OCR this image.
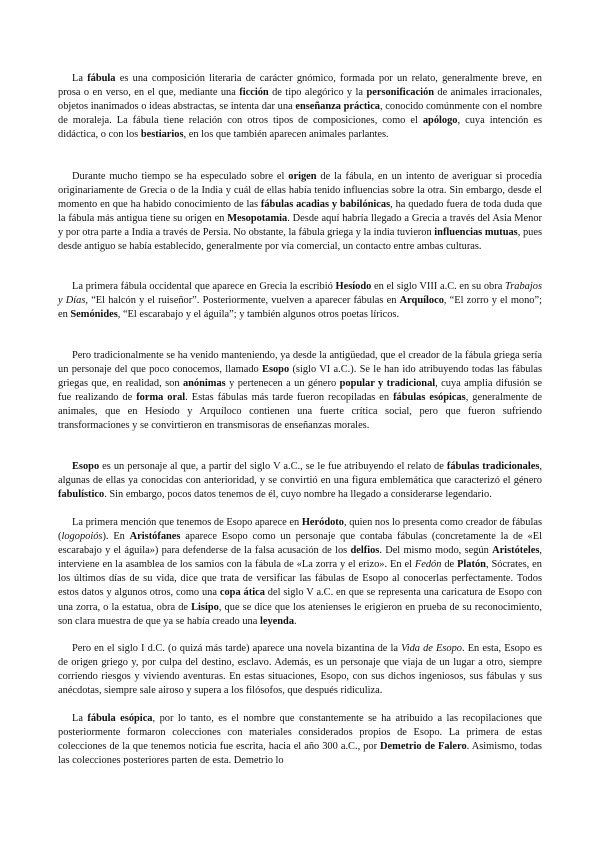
La fábula es una composición literaria de carácter gnómico, formada por un relato, generalmente breve, en prosa o en verso, en el que, mediante una ficción de tipo alegórico y la personificación de animales irracionales, objetos inanimados o ideas abstractas, se intenta dar una enseñanza práctica, conocido comúnmente con el nombre de moraleja. La fábula tiene relación con otros tipos de composiciones, como el apólogo, cuya intención es didáctica, o con los bestiarios, en los que también aparecen animales parlantes.

Durante mucho tiempo se ha especulado sobre el origen de la fábula, en un intento de averiguar si procedía originariamente de Grecia o de la India y cuál de ellas había tenido influencias sobre la otra. Sin embargo, desde el momento en que ha habido conocimiento de las fábulas acadias y babilónicas, ha quedado fuera de toda duda que la fábula más antigua tiene su origen en Mesopotamia. Desde aquí habría llegado a Grecia a través del Asia Menor y por otra parte a India a través de Persia. No obstante, la fábula griega y la india tuvieron influencias mutuas, pues desde antiguo se había establecido, generalmente por vía comercial, un contacto entre ambas culturas.

La primera fábula occidental que aparece en Grecia la escribió Hesíodo en el siglo VIII a.C. en su obra Trabajos y Días, “El halcón y el ruiseñor”. Posteriormente, vuelven a aparecer fábulas en Arquíloco, “El zorro y el mono”; en Semónides, “El escarabajo y el águila”; y también algunos otros poetas líricos.

Pero tradicionalmente se ha venido manteniendo, ya desde la antigüedad, que el creador de la fábula griega sería un personaje del que poco conocemos, llamado Esopo (siglo VI a.C.). Se le han ido atribuyendo todas las fábulas griegas que, en realidad, son anónimas y pertenecen a un género popular y tradicional, cuya amplia difusión se fue realizando de forma oral. Estas fábulas más tarde fueron recopiladas en fábulas esópicas, generalmente de animales, que en Hesíodo y Arquíloco contienen una fuerte crítica social, pero que fueron sufriendo transformaciones y se convirtieron en transmisoras de enseñanzas morales.

Esopo es un personaje al que, a partir del siglo V a.C., se le fue atribuyendo el relato de fábulas tradicionales, algunas de ellas ya conocidas con anterioridad, y se convirtió en una figura emblemática que caracterizó el género fabulístico. Sin embargo, pocos datos tenemos de él, cuyo nombre ha llegado a considerarse legendario.

La primera mención que tenemos de Esopo aparece en Heródoto, quien nos lo presenta como creador de fábulas (logopoiós). En Aristófanes aparece Esopo como un personaje que contaba fábulas (concretamente la de «El escarabajo y el águila») para defenderse de la falsa acusación de los delfios. Del mismo modo, según Aristóteles, interviene en la asamblea de los samios con la fábula de «La zorra y el erizo». En el Fedón de Platón, Sócrates, en los últimos días de su vida, dice que trata de versificar las fábulas de Esopo al conocerlas perfectamente. Todos estos datos y algunos otros, como una copa ática del siglo V a.C. en que se representa una caricatura de Esopo con una zorra, o la estatua, obra de Lisipo, que se dice que los atenienses le erigieron en prueba de su reconocimiento, son clara muestra de que ya se había creado una leyenda.

Pero en el siglo I d.C. (o quizá más tarde) aparece una novela bizantina de la Vida de Esopo. En esta, Esopo es de origen griego y, por culpa del destino, esclavo. Además, es un personaje que viaja de un lugar a otro, siempre corriendo riesgos y viviendo aventuras. En estas situaciones, Esopo, con sus dichos ingeniosos, sus fábulas y sus anécdotas, siempre sale airoso y supera a los filósofos, que después ridiculiza.

La fábula esópica, por lo tanto, es el nombre que constantemente se ha atribuido a las recopilaciones que posteriormente formaron colecciones con materiales considerados propios de Esopo. La primera de estas colecciones de la que tenemos noticia fue escrita, hacia el año 300 a.C., por Demetrio de Falero. Asimismo, todas las colecciones posteriores parten de esta. Demetrio lo
